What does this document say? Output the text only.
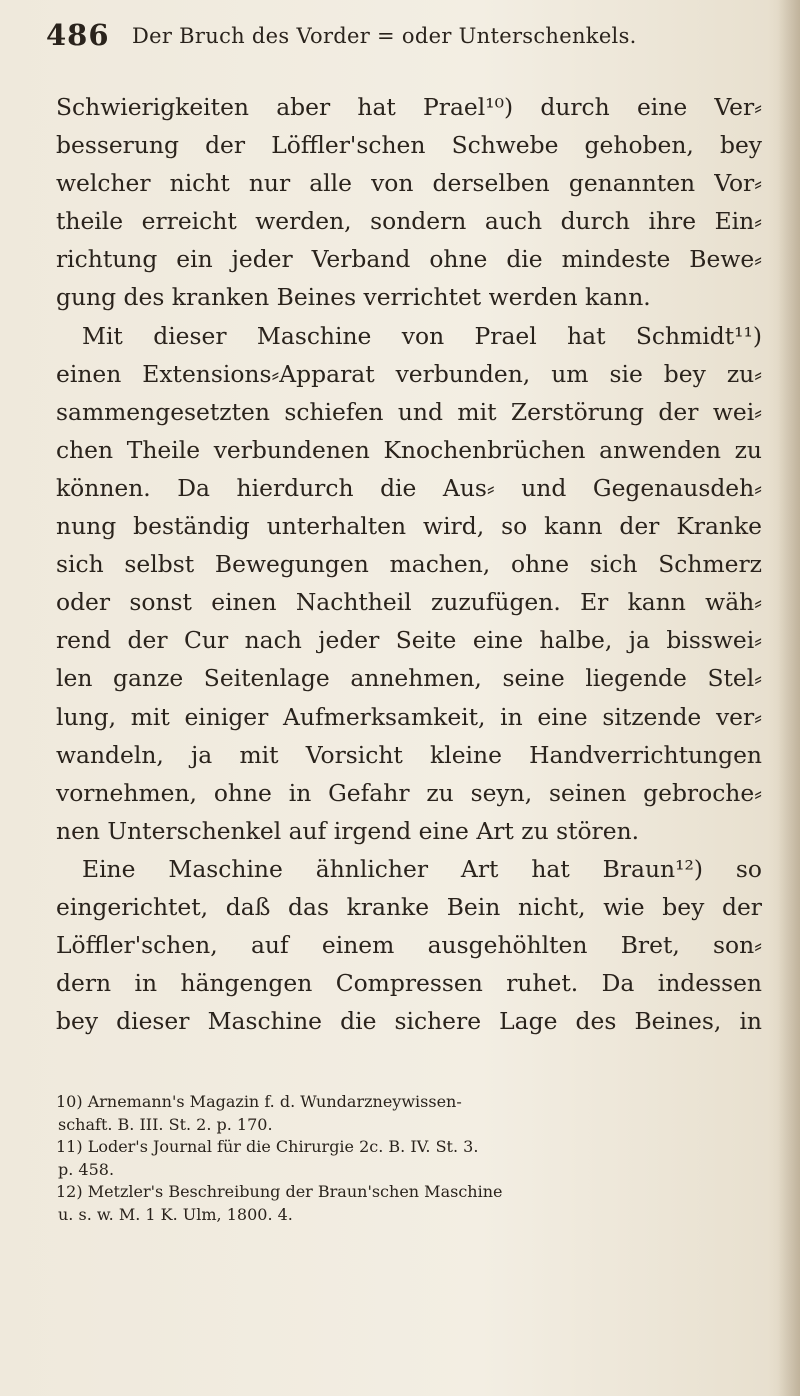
486 Der Bruch des Vorder = oder Unterschenkels.
Schwierigkeiten aber hat Prael¹⁰) durch eine Ver⸗
besserung der Löffler'schen Schwebe gehoben, bey
welcher nicht nur alle von derselben genannten Vor⸗
theile erreicht werden, sondern auch durch ihre Ein⸗
richtung ein jeder Verband ohne die mindeste Bewe⸗
gung des kranken Beines verrichtet werden kann.
Mit dieser Maschine von Prael hat Schmidt¹¹)
einen Extensions⸗Apparat verbunden, um sie bey zu⸗
sammengesetzten schiefen und mit Zerstörung der wei⸗
chen Theile verbundenen Knochenbrüchen anwenden zu
können. Da hierdurch die Aus⸗ und Gegenausdeh⸗
nung beständig unterhalten wird, so kann der Kranke
sich selbst Bewegungen machen, ohne sich Schmerz
oder sonst einen Nachtheil zuzufügen. Er kann wäh⸗
rend der Cur nach jeder Seite eine halbe, ja bisswei⸗
len ganze Seitenlage annehmen, seine liegende Stel⸗
lung, mit einiger Aufmerksamkeit, in eine sitzende ver⸗
wandeln, ja mit Vorsicht kleine Handverrichtungen
vornehmen, ohne in Gefahr zu seyn, seinen gebroche⸗
nen Unterschenkel auf irgend eine Art zu stören.
Eine Maschine ähnlicher Art hat Braun¹²) so
eingerichtet, daß das kranke Bein nicht, wie bey der
Löffler'schen, auf einem ausgehöhlten Bret, son⸗
dern in hängengen Compressen ruhet. Da indessen
bey dieser Maschine die sichere Lage des Beines, in
10) Arnemann's Magazin f. d. Wundarzneywissen-
schaft. B. III. St. 2. p. 170.
11) Loder's Journal für die Chirurgie 2c. B. IV. St. 3.
p. 458.
12) Metzler's Beschreibung der Braun'schen Maschine
u. s. w. M. 1 K. Ulm, 1800. 4.
